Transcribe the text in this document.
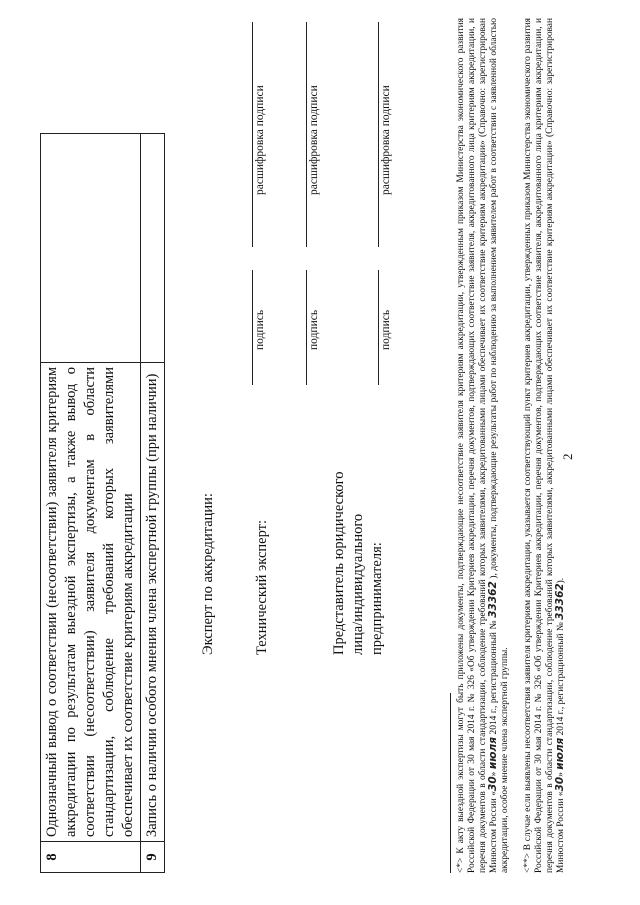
2
8	Однозначный вывод о соответствии (несоответствии) заявителя критериям аккредитации по результатам выездной экспертизы, а также вывод о соответствии (несоответствии) заявителя документам в области стандартизации, соблюдение требований которых заявителями обеспечивает их соответствие критериям аккредитации	
9	Запись о наличии особого мнения члена экспертной группы (при наличии)		Эксперт по аккредитации:
подпись
расшифровка подписи
Технический эксперт:
подпись
расшифровка подписи
Представитель юридического лица/индивидуального предпринимателя:
подпись
расшифровка подписи	<*> К акту выездной экспертизы могут быть приложены документы, подтверждающие несоответствие заявителя критериям аккредитации, утвержденным приказом Министерства экономического развития Российской Федерации от 30 мая 2014 г. № 326 «Об утверждении Критериев аккредитации, перечня документов, подтверждающих соответствие заявителя, аккредитованного лица критериям аккредитации, и перечня документов в области стандартизации, соблюдение требований которых заявителями, аккредитованными лицами обеспечивает их соответствие критериям аккредитации» (Справочно: зарегистрирован Минюстом России «30» июля 2014 г., регистрационный № 33362 ), документы, подтверждающие результаты работ по наблюдению за выполнением заявителем работ в соответствии с заявленной областью аккредитации, особое мнение члена экспертной группы. <**> В случае если выявлены несоответствия заявителя критериям аккредитации, указывается соответствующий пункт критериев аккредитации, утвержденных приказом Министерства экономического развития Российской Федерации от 30 мая 2014 г. № 326 «Об утверждении Критериев аккредитации, перечня документов, подтверждающих соответствие заявителя, аккредитованного лица критериям аккредитации, и перечня документов в области стандартизации, соблюдение требований которых заявителями, аккредитованными лицами обеспечивает их соответствие критериям аккредитации» (Справочно: зарегистрирован Минюстом России «30» июля 2014 г., регистрационный № 33362).
